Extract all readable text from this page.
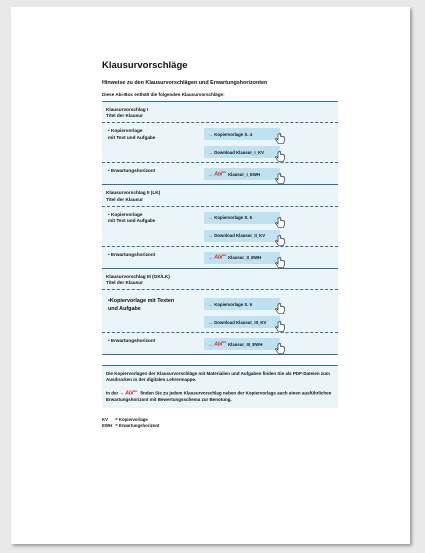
Klausurvorschläge
Hinweise zu den Klausurvorschlägen und Erwartungshorizonten
Diese Abi-Box enthält die folgenden Klausurvorschläge:
Klausurvorschlag I
Titel der Klausur
• Kopiervorlage
mit Text und Aufgabe
→ Kopiervorlage S. 4
→ Download Klausur_I_KV
• Erwartungshorizont
→ Abi$^{box}$ Klausur_I_EWH
Klausurvorschlag II (LK)
Titel der Klausur
• Kopiervorlage
mit Text und Aufgabe
→ Kopiervorlage S. 5
→ Download Klausur_II_KV
• Erwartungshorizont
→ Abi$^{box}$ Klausur_II_EWH
Klausurvorschlag III (GK/LK)
Titel der Klausur
•Kopiervorlage mit Texten
und Aufgabe
→ Kopiervorlage S. 6
→ Download Klausur_III_KV
• Erwartungshorizont
→ Abi$^{box}$ Klausur_III_EWH

Die Kopiervorlagen der Klausurvorschläge mit Materialien und Aufgaben finden Sie als PDF-Dateien zum Ausdrucken in der digitalen Lehrermappe.

In der → Abi$^{box}$ finden Sie zu jedem Klausurvorschlag neben der Kopiervorlage auch einen ausführlichen Erwartungshorizont mit Bewertungsschema zur Benotung.

KV = Kopiervorlage
EWH = Erwartungshorizont
